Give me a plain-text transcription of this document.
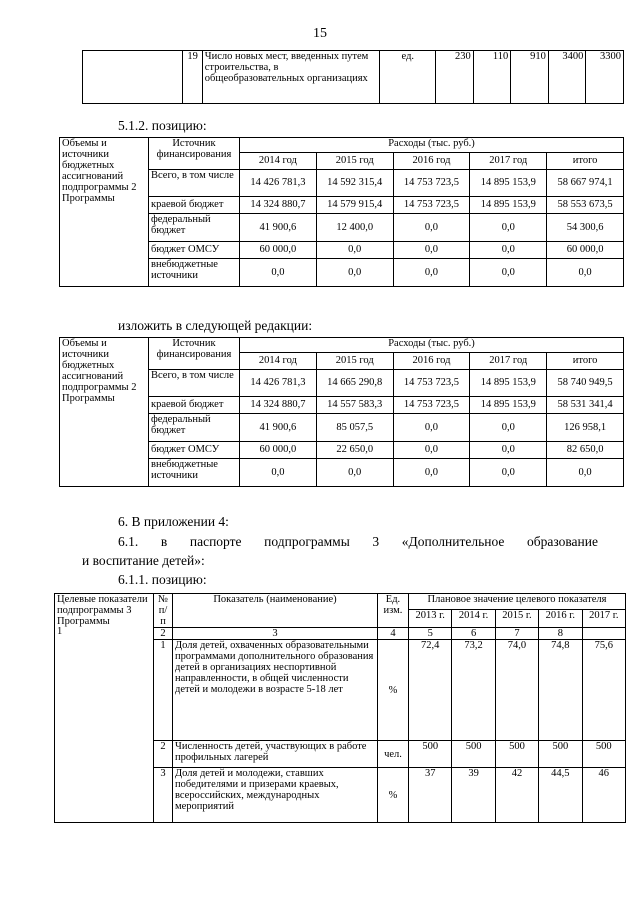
15
	19	Число новых мест, введенных путем строительства, в общеобразовательных организациях	ед.	230	110	910	3400	3300
5.1.2. позицию:
Объемы и источники бюджетных ассигнований подпрограммы 2 Программы	Источник финансирования	Расходы (тыс. руб.)				
		2014 год	2015 год	2016 год	2017 год	итого
	Всего, в том числе	14 426 781,3	14 592 315,4	14 753 723,5	14 895 153,9	58 667 974,1
	краевой бюджет	14 324 880,7	14 579 915,4	14 753 723,5	14 895 153,9	58 553 673,5
	федеральный бюджет	41 900,6	12 400,0	0,0	0,0	54 300,6
	бюджет ОМСУ	60 000,0	0,0	0,0	0,0	60 000,0
	внебюджетные источники	0,0	0,0	0,0	0,0	0,0
изложить в следующей редакции:
Объемы и источники бюджетных ассигнований подпрограммы 2 Программы	Источник финансирования	Расходы (тыс. руб.)				
		2014 год	2015 год	2016 год	2017 год	итого
	Всего, в том числе	14 426 781,3	14 665 290,8	14 753 723,5	14 895 153,9	58 740 949,5
	краевой бюджет	14 324 880,7	14 557 583,3	14 753 723,5	14 895 153,9	58 531 341,4
	федеральный бюджет	41 900,6	85 057,5	0,0	0,0	126 958,1
	бюджет ОМСУ	60 000,0	22 650,0	0,0	0,0	82 650,0
	внебюджетные источники	0,0	0,0	0,0	0,0	0,0
6. В приложении 4:
6.1. в паспорте подпрограммы 3 «Дополнительное образование
и воспитание детей»:
6.1.1. позицию:
Целевые показатели подпрограммы 3 Программы	№ п/п	Показатель (наименование)	Ед. изм.	Плановое значение целевого показателя				
				2013 г.	2014 г.	2015 г.	2016 г.	2017 г.
	2	3	4	5	6	7	8	
	1	Доля детей, охваченных образовательными программами дополнительного образования детей в организациях неспортивной направленности, в общей численности детей и молодежи в возрасте 5-18 лет	%	72,4	73,2	74,0	74,8	75,6
	2	Численность детей, участвующих в работе профильных лагерей	чел.	500	500	500	500	500
	3	Доля детей и молодежи, ставших победителями и призерами краевых, всероссийских, международных мероприятий	%	37	39	42	44,5	46
1
